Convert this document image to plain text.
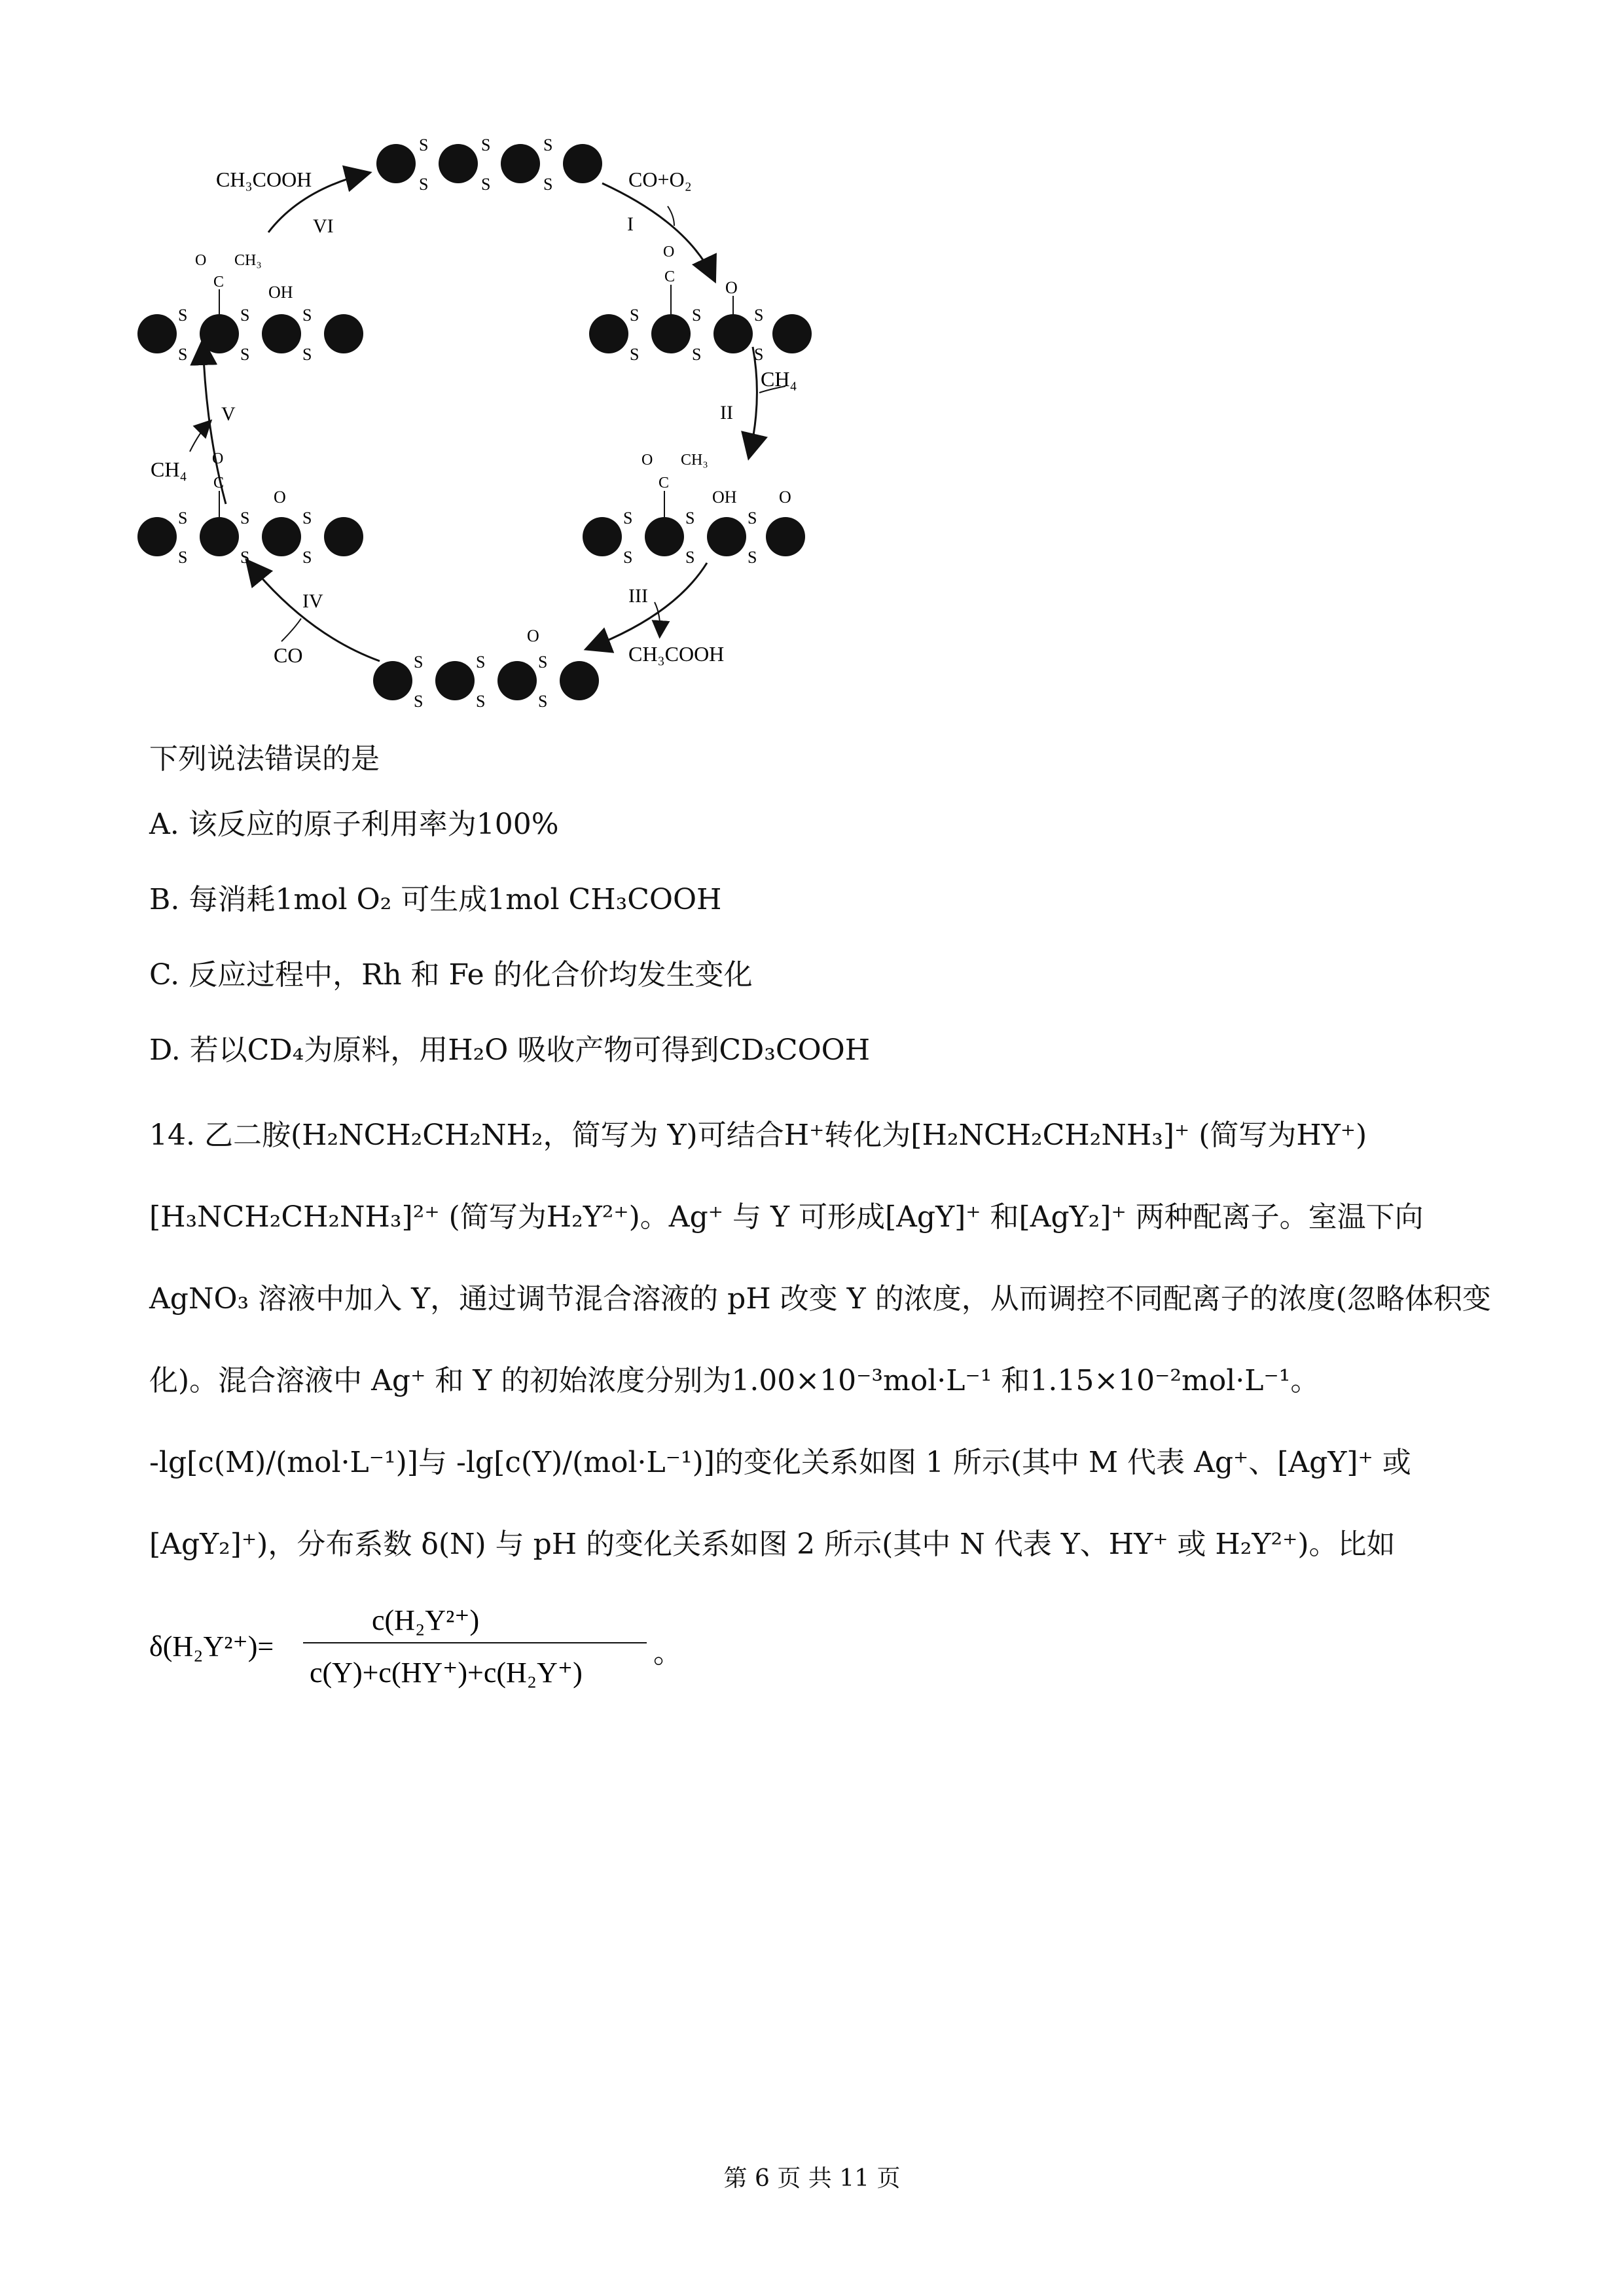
I
II
III
IV
V
VI
CO+O₂
CH₄
CH₃COOH
CO
CH₄
CH₃COOH
S
S
S
S
S
S
S
S
S
S
S
S
C
O
O
S
S
S
S
S
S
C
O CH₃
OH O
S
S
S
S
S
S
O
S
S
S
S
S
S
C
O
O
S
S
S
S
S
S
C
O CH₃
OH
下列说法错误的是
A. 该反应的原子利用率为100%
B. 每消耗1mol O₂ 可生成1mol CH₃COOH
C. 反应过程中，Rh 和 Fe 的化合价均发生变化
D. 若以CD₄为原料，用H₂O 吸收产物可得到CD₃COOH
14. 乙二胺(H₂NCH₂CH₂NH₂，简写为 Y)可结合H⁺转化为[H₂NCH₂CH₂NH₃]⁺ (简写为HY⁺)
[H₃NCH₂CH₂NH₃]²⁺ (简写为H₂Y²⁺)。Ag⁺ 与 Y 可形成[AgY]⁺ 和[AgY₂]⁺ 两种配离子。室温下向
AgNO₃ 溶液中加入 Y，通过调节混合溶液的 pH 改变 Y 的浓度，从而调控不同配离子的浓度(忽略体积变
化)。混合溶液中 Ag⁺ 和 Y 的初始浓度分别为1.00×10⁻³mol·L⁻¹ 和1.15×10⁻²mol·L⁻¹。
-lg[c(M)/(mol·L⁻¹)]与 -lg[c(Y)/(mol·L⁻¹)]的变化关系如图 1 所示(其中 M 代表 Ag⁺、[AgY]⁺ 或
[AgY₂]⁺)，分布系数 δ(N) 与 pH 的变化关系如图 2 所示(其中 N 代表 Y、HY⁺ 或 H₂Y²⁺)。比如
δ(H₂Y²⁺)=
c(H₂Y²⁺)
c(Y)+c(HY⁺)+c(H₂Y⁺)
。
第 6 页 共 11 页
